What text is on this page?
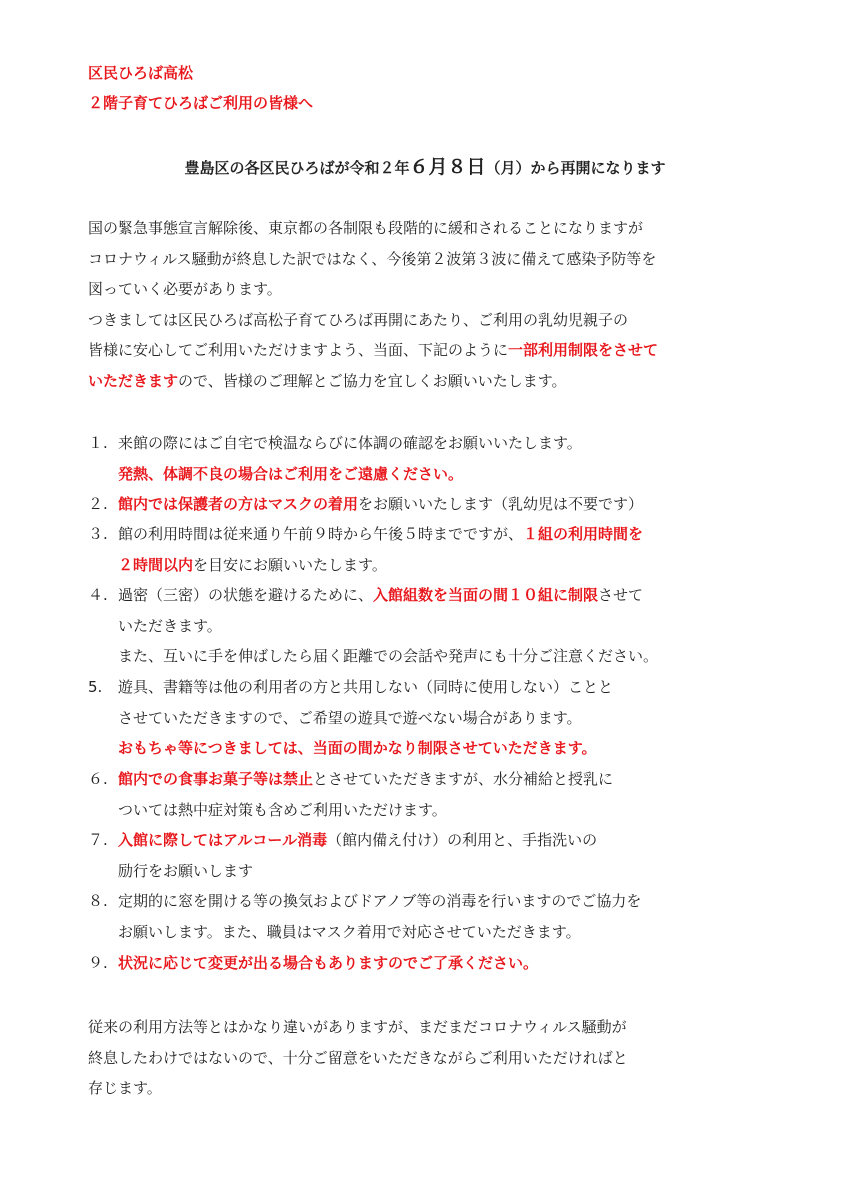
区民ひろば高松
２階子育てひろばご利用の皆様へ
豊島区の各区民ひろばが令和２年６月８日（月）から再開になります
国の緊急事態宣言解除後、東京都の各制限も段階的に緩和されることになりますが
コロナウィルス騒動が終息した訳ではなく、今後第２波第３波に備えて感染予防等を
図っていく必要があります。
つきましては区民ひろば高松子育てひろば再開にあたり、ご利用の乳幼児親子の
皆様に安心してご利用いただけますよう、当面、下記のように一部利用制限をさせて
いただきますので、皆様のご理解とご協力を宜しくお願いいたします。
１. 来館の際にはご自宅で検温ならびに体調の確認をお願いいたします。
発熱、体調不良の場合はご利用をご遠慮ください。
２. 館内では保護者の方はマスクの着用をお願いいたします（乳幼児は不要です）
３. 館の利用時間は従来通り午前９時から午後５時までですが、１組の利用時間を
２時間以内を目安にお願いいたします。
４. 過密（三密）の状態を避けるために、入館組数を当面の間１０組に制限させて
いただきます。
また、互いに手を伸ばしたら届く距離での会話や発声にも十分ご注意ください。
5. 遊具、書籍等は他の利用者の方と共用しない（同時に使用しない）ことと
させていただきますので、ご希望の遊具で遊べない場合があります。
おもちゃ等につきましては、当面の間かなり制限させていただきます。
６. 館内での食事お菓子等は禁止とさせていただきますが、水分補給と授乳に
ついては熱中症対策も含めご利用いただけます。
７. 入館に際してはアルコール消毒（館内備え付け）の利用と、手指洗いの
励行をお願いします
８. 定期的に窓を開ける等の換気およびドアノブ等の消毒を行いますのでご協力を
お願いします。また、職員はマスク着用で対応させていただきます。
９. 状況に応じて変更が出る場合もありますのでご了承ください。
従来の利用方法等とはかなり違いがありますが、まだまだコロナウィルス騒動が
終息したわけではないので、十分ご留意をいただきながらご利用いただければと
存じます。
